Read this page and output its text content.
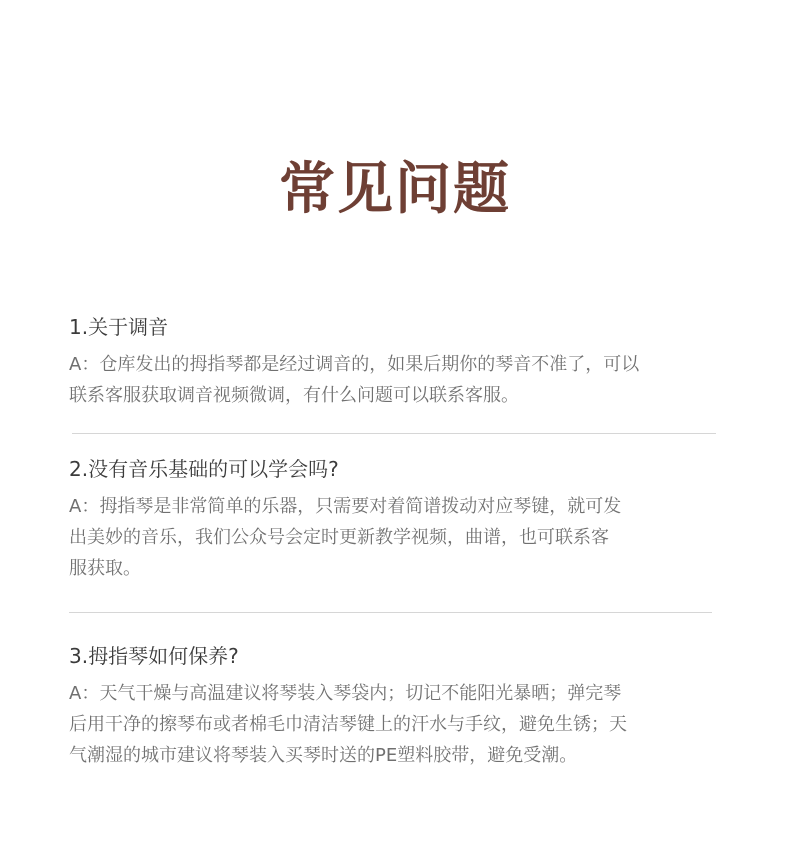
常见问题

1.关于调音

A：仓库发出的拇指琴都是经过调音的，如果后期你的琴音不准了，可以
联系客服获取调音视频微调，有什么问题可以联系客服。

2.没有音乐基础的可以学会吗?

A：拇指琴是非常简单的乐器，只需要对着简谱拨动对应琴键，就可发
出美妙的音乐，我们公众号会定时更新教学视频，曲谱，也可联系客
服获取。

3.拇指琴如何保养?

A：天气干燥与高温建议将琴装入琴袋内；切记不能阳光暴晒；弹完琴
后用干净的擦琴布或者棉毛巾清洁琴键上的汗水与手纹，避免生锈；天
气潮湿的城市建议将琴装入买琴时送的PE塑料胶带，避免受潮。
